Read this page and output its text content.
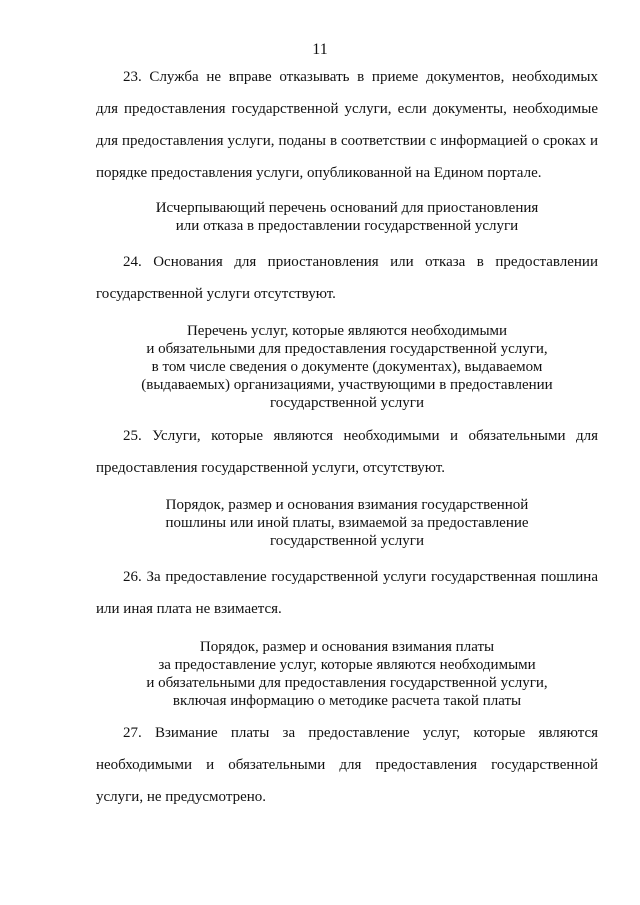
11
23. Служба не вправе отказывать в приеме документов, необходимых
для предоставления государственной услуги, если документы, необходимые
для предоставления услуги, поданы в соответствии с информацией о сроках и
порядке предоставления услуги, опубликованной на Едином портале.
Исчерпывающий перечень оснований для приостановления
или отказа в предоставлении государственной услуги
24. Основания для приостановления или отказа в предоставлении
государственной услуги отсутствуют.
Перечень услуг, которые являются необходимыми
и обязательными для предоставления государственной услуги,
в том числе сведения о документе (документах), выдаваемом
(выдаваемых) организациями, участвующими в предоставлении
государственной услуги
25. Услуги, которые являются необходимыми и обязательными для
предоставления государственной услуги, отсутствуют.
Порядок, размер и основания взимания государственной
пошлины или иной платы, взимаемой за предоставление
государственной услуги
26. За предоставление государственной услуги государственная пошлина
или иная плата не взимается.
Порядок, размер и основания взимания платы
за предоставление услуг, которые являются необходимыми
и обязательными для предоставления государственной услуги,
включая информацию о методике расчета такой платы
27. Взимание платы за предоставление услуг, которые являются
необходимыми и обязательными для предоставления государственной
услуги, не предусмотрено.
